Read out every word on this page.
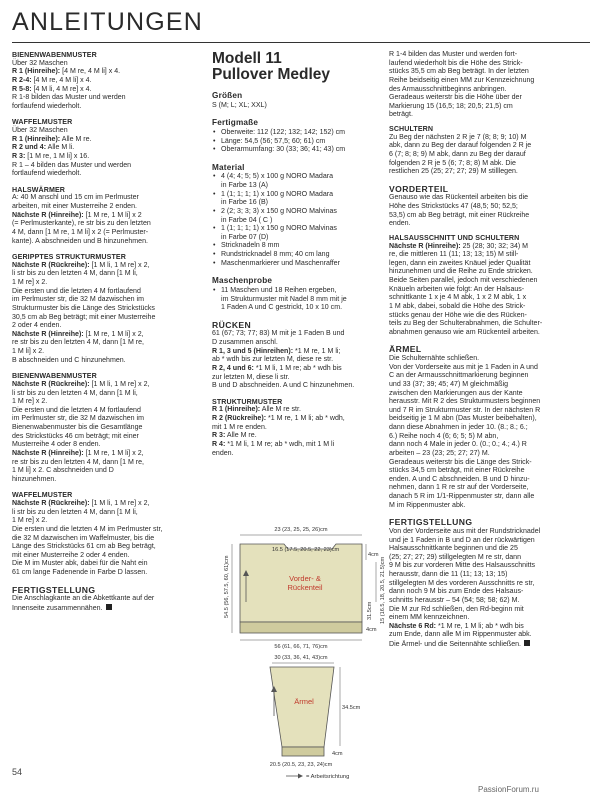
ANLEITUNGEN
BIENENWABENMUSTER
Über 32 Maschen
R 1 (Hinreihe): [4 M re, 4 M li] x 4.
R 2-4: [4 M re, 4 M li] x 4.
R 5-8: [4 M li, 4 M re] x 4.
R 1-8 bilden das Muster und werden
fortlaufend wiederholt.
WAFFELMUSTER
Über 32 Maschen
R 1 (Hinreihe): Alle M re.
R 2 und 4: Alle M li.
R 3: [1 M re, 1 M li] x 16.
R 1 – 4 bilden das Muster und werden
fortlaufend wiederholt.
HALSWÄRMER
A: 40 M anschl und 15 cm im Perlmuster
arbeiten, mit einer Musterreihe 2 enden.
Nächste R (Hinreihe): [1 M re, 1 M li] x 2
(= Perlmusterkante), re str bis zu den letzten
4 M, dann [1 M re, 1 M li] x 2 (= Perlmuster-
kante). A abschneiden und B hinzunehmen.
GERIPPTES STRUKTURMUSTER
Nächste R (Rückreihe): [1 M li, 1 M re] x 2,
li str bis zu den letzten 4 M, dann [1 M li,
1 M re] x 2.
Die ersten und die letzten 4 M fortlaufend
im Perlmuster str, die 32 M dazwischen im
Strukturmuster bis die Länge des Strickstücks
30,5 cm ab Beg beträgt; mit einer Musterreihe
2 oder 4 enden.
Nächste R (Hinreihe): [1 M re, 1 M li] x 2,
re str bis zu den letzten 4 M, dann [1 M re,
1 M li] x 2.
B abschneiden und C hinzunehmen.
BIENENWABENMUSTER
Nächste R (Rückreihe): [1 M li, 1 M re] x 2,
li str bis zu den letzten 4 M, dann [1 M li,
1 M re] x 2.
Die ersten und die letzten 4 M fortlaufend
im Perlmuster str, die 32 M dazwischen im
Bienenwabenmuster bis die Gesamtlänge
des Strickstücks 46 cm beträgt; mit einer
Musterreihe 4 oder 8 enden.
Nächste R (Hinreihe): [1 M re, 1 M li] x 2,
re str bis zu den letzten 4 M, dann [1 M re,
1 M li] x 2. C abschneiden und D
hinzunehmen.
WAFFELMUSTER
Nächste R (Rückreihe): [1 M li, 1 M re] x 2,
li str bis zu den letzten 4 M, dann [1 M li,
1 M re] x 2.
Die ersten und die letzten 4 M im Perlmuster str,
die 32 M dazwischen im Waffelmuster, bis die
Länge des Strickstücks 61 cm ab Beg beträgt,
mit einer Musterreihe 2 oder 4 enden.
Die M im Muster abk, dabei für die Naht ein
61 cm lange Fadenende in Farbe D lassen.
FERTIGSTELLUNG
Die Anschlagkante an die Abkettkante auf der
Innenseite zusammennähen.
Modell 11
Pullover Medley
Größen
S (M; L; XL; XXL)
Fertigmaße
• Oberweite: 112 (122; 132; 142; 152) cm
• Länge: 54,5 (56; 57,5; 60; 61) cm
• Oberarmumfang: 30 (33; 36; 41; 43) cm
Material
• 4 (4; 4; 5; 5) x 100 g NORO Madara
in Farbe 13 (A)
• 1 (1; 1; 1; 1) x 100 g NORO Madara
in Farbe 16 (B)
• 2 (2; 3; 3; 3) x 150 g NORO Malvinas
in Farbe 04 ( C )
• 1 (1; 1; 1; 1) x 150 g NORO Malvinas
in Farbe 07 (D)
• Stricknadeln 8 mm
• Rundstricknadel 8 mm; 40 cm lang
• Maschenmarkierer und Maschenraffer
Maschenprobe
• 11 Maschen und 18 Reihen ergeben,
im Strukturmuster mit Nadel 8 mm mit je
1 Faden A und C gestrickt, 10 x 10 cm.
RÜCKEN
61 (67; 73; 77; 83) M mit je 1 Faden B und
D zusammen anschl.
R 1, 3 und 5 (Hinreihen): *1 M re, 1 M li;
ab * wdh bis zur letzten M, diese re str.
R 2, 4 und 6: *1 M li, 1 M re; ab * wdh bis
zur letzten M, diese li str.
B und D abschneiden. A und C hinzunehmen.
STRUKTURMUSTER
R 1 (Hinreihe): Alle M re str.
R 2 (Rückreihe): *1 M re, 1 M li; ab * wdh,
mit 1 M re enden.
R 3: Alle M re.
R 4: *1 M li, 1 M re; ab * wdh, mit 1 M li
enden.
Vorder- &
Rückenteil
23 (23, 25, 25, 26)cm
16.5 (17.5, 20.5, 22, 23)cm
4cm
15 (16.5, 18, 20.5, 21.5)cm
31.5cm
4cm
54.5 (56, 57.5, 60, 61)cm
56 (61, 66, 71, 76)cm
30 (33, 36, 41, 43)cm
Ärmel
34.5cm
4cm
20.5 (20.5, 23, 23, 24)cm
= Arbeitsrichtung
R 1-4 bilden das Muster und werden fort-
laufend wiederholt bis die Höhe des Strick-
stücks 35,5 cm ab Beg beträgt. In der letzten
Reihe beidseitig einen MM zur Kennzeichnung
des Armausschnittbeginns anbringen.
Geradeaus weiterstr bis die Höhe über der
Markierung 15 (16,5; 18; 20,5; 21,5) cm
beträgt.
SCHULTERN
Zu Beg der nächsten 2 R je 7 (8; 8; 9; 10) M
abk, dann zu Beg der darauf folgenden 2 R je
6 (7; 8; 8; 9) M abk, dann zu Beg der darauf
folgenden 2 R je 5 (6; 7; 8; 8) M abk. Die
restlichen 25 (25; 27; 27; 29) M stilllegen.
VORDERTEIL
Genauso wie das Rückenteil arbeiten bis die
Höhe des Strickstücks 47 (48,5; 50; 52,5;
53,5) cm ab Beg beträgt, mit einer Rückreihe
enden.
HALSAUSSCHNITT UND SCHULTERN
Nächste R (Hinreihe): 25 (28; 30; 32; 34) M
re, die mittleren 11 (11; 13; 13; 15) M still-
legen, dann ein zweites Knäuel jeder Qualität
hinzunehmen und die Reihe zu Ende stricken.
Beide Seiten parallel, jedoch mit verschiedenen
Knäueln arbeiten wie folgt: An der Halsaus-
schnittkante 1 x je 4 M abk, 1 x 2 M abk, 1 x
1 M abk, dabei, sobald die Höhe des Strick-
stücks genau der Höhe wie die des Rücken-
teils zu Beg der Schulterabnahmen, die Schulter-
abnahmen genauso wie am Rückenteil arbeiten.
ÄRMEL
Die Schulternähte schließen.
Von der Vorderseite aus mit je 1 Faden in A und
C an der Armausschnittmarkierung beginnen
und 33 (37; 39; 45; 47) M gleichmäßig
zwischen den Markierungen aus der Kante
herausstr. Mit R 2 des Strukturmusters beginnen
und 7 R im Strukturmuster str. In der nächsten R
beidseitig je 1 M abn (Das Muster beibehalten),
dann diese Abnahmen in jeder 10. (8.; 8.; 6.;
6.) Reihe noch 4 (6; 6; 5; 5) M abn,
dann noch 4 Male in jeder 0. (0.; 0.; 4.; 4.) R
arbeiten – 23 (23; 25; 27; 27) M.
Geradeaus weiterstr bis die Länge des Strick-
stücks 34,5 cm beträgt, mit einer Rückreihe
enden. A und C abschneiden. B und D hinzu-
nehmen, dann 1 R re str auf der Vorderseite,
danach 5 R im 1/1-Rippenmuster str, dann alle
M im Rippenmuster abk.
FERTIGSTELLUNG
Von der Vorderseite aus mit der Rundstricknadel
und je 1 Faden in B und D an der rückwärtigen
Halsausschnittkante beginnen und die 25
(25; 27; 27; 29) stillgelegten M re str, dann
9 M bis zur vorderen Mitte des Halsausschnitts
herausstr, dann die 11 (11; 13; 13; 15)
stillgelegten M des vorderen Ausschnitts re str,
dann noch 9 M bis zum Ende des Halsaus-
schnitts herausstr – 54 (54; 58; 58; 62) M.
Die M zur Rd schließen, den Rd-beginn mit
einem MM kennzeichnen.
Nächste 6 Rd: *1 M re, 1 M li; ab * wdh bis
zum Ende, dann alle M im Rippenmuster abk.
Die Ärmel- und die Seitennähte schließen.
54
PassionForum.ru
